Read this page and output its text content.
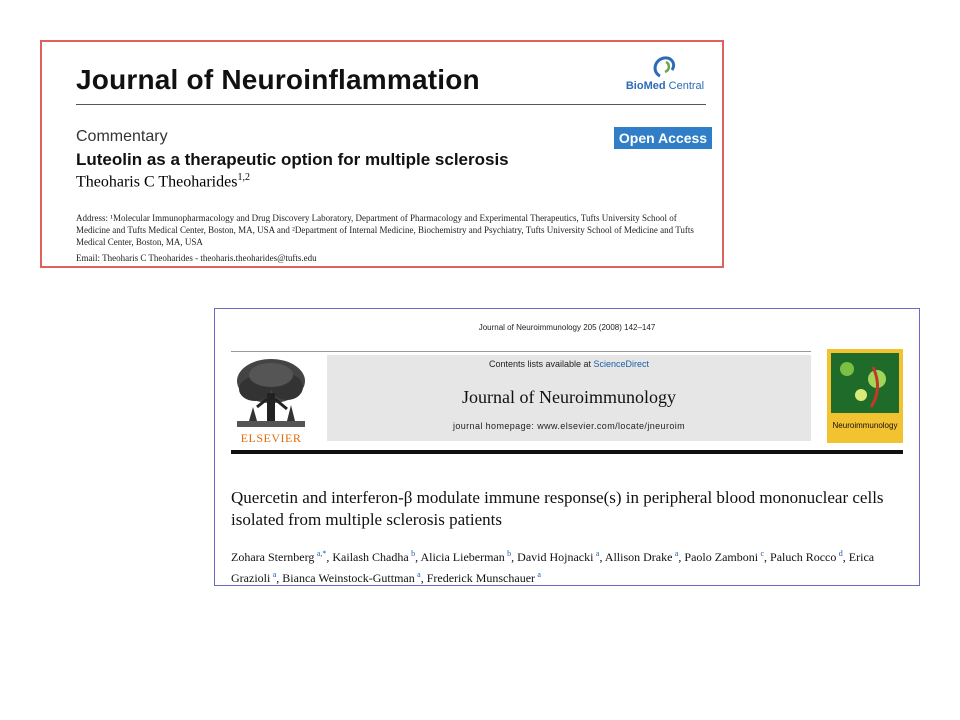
Journal of Neuroinflammation	BioMed Central
Commentary	Open Access
Luteolin as a therapeutic option for multiple sclerosis
Theoharis C Theoharides$^{1,2}$
Address: ¹Molecular Immunopharmacology and Drug Discovery Laboratory, Department of Pharmacology and Experimental Therapeutics, Tufts University School of Medicine and Tufts Medical Center, Boston, MA, USA and ²Department of Internal Medicine, Biochemistry and Psychiatry, Tufts University School of Medicine and Tufts Medical Center, Boston, MA, USA
Email: Theoharis C Theoharides - theoharis.theoharides@tufts.edu
Journal of Neuroimmunology 205 (2008) 142–147
ELSEVIER
Contents lists available at ScienceDirect
Journal of Neuroimmunology
journal homepage: www.elsevier.com/locate/jneuroim	Neuroimmunology
Quercetin and interferon-β modulate immune response(s) in peripheral blood mononuclear cells isolated from multiple sclerosis patients
Zohara Sternberg  $^{a,*}$, Kailash Chadha  $^b$, Alicia Lieberman  $^b$, David Hojnacki  $^a$, Allison Drake  $^a$, Paolo Zamboni  $^c$, Paluch Rocco  $^d$, Erica Grazioli  $^a$, Bianca Weinstock-Guttman  $^a$, Frederick Munschauer  $^a$
